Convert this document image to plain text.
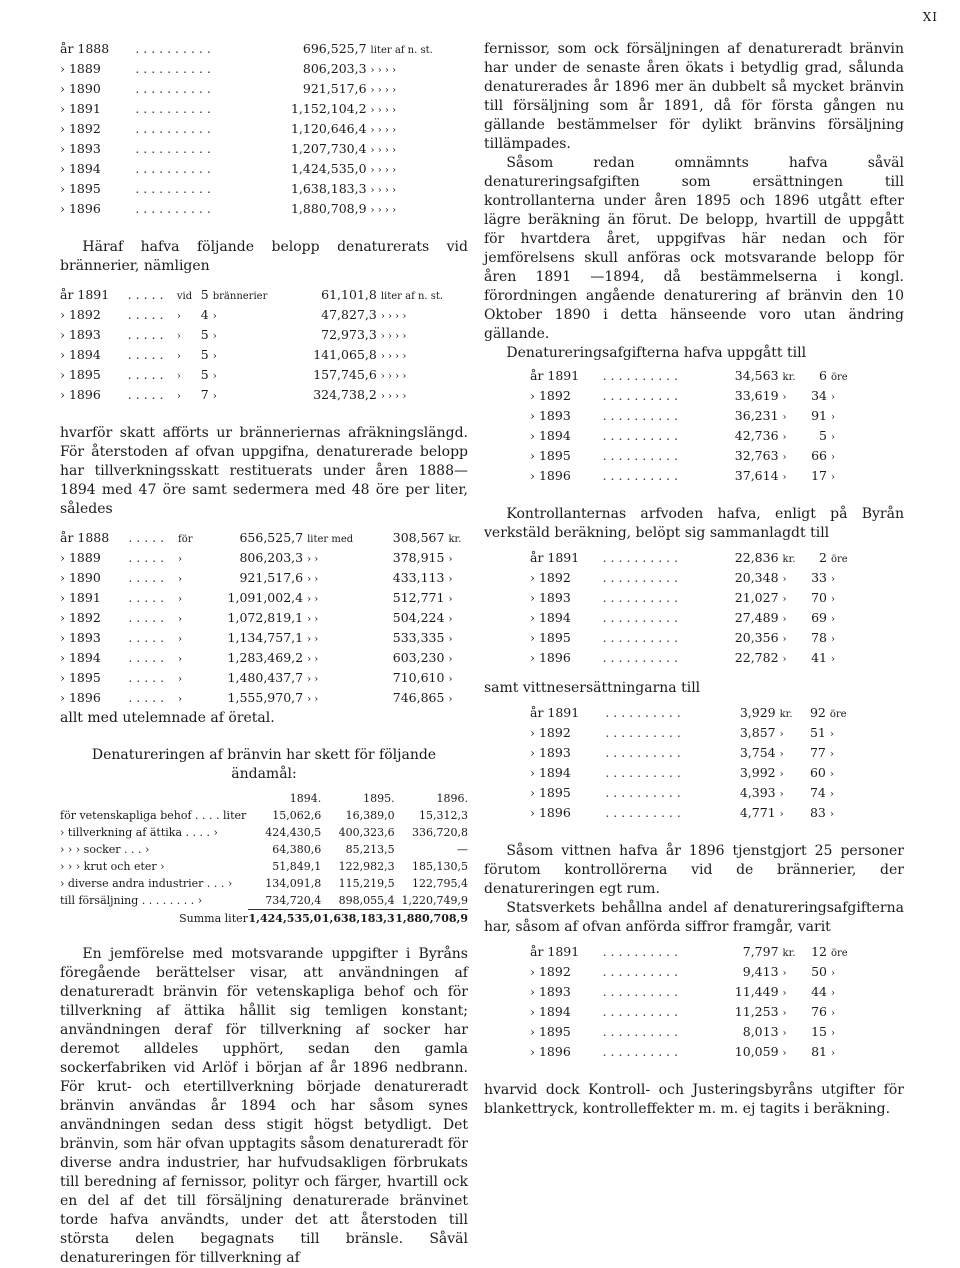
XI
år 1888	. . . . . . . . . .	696,525,7	liter af n. st.
› 1889	. . . . . . . . . .	806,203,3	› › › ›
› 1890	. . . . . . . . . .	921,517,6	› › › ›
› 1891	. . . . . . . . . .	1,152,104,2	› › › ›
› 1892	. . . . . . . . . .	1,120,646,4	› › › ›
› 1893	. . . . . . . . . .	1,207,730,4	› › › ›
› 1894	. . . . . . . . . .	1,424,535,0	› › › ›
› 1895	. . . . . . . . . .	1,638,183,3	› › › ›
› 1896	. . . . . . . . . .	1,880,708,9	› › › ›

Häraf hafva följande belopp denaturerats vid brännerier, nämligen

år 1891	. . . . .	vid	5	brännerier	61,101,8	liter af n. st.
› 1892	. . . . .	›	4	›	47,827,3	› › › ›
› 1893	. . . . .	›	5	›	72,973,3	› › › ›
› 1894	. . . . .	›	5	›	141,065,8	› › › ›
› 1895	. . . . .	›	5	›	157,745,6	› › › ›
› 1896	. . . . .	›	7	›	324,738,2	› › › ›

hvarför skatt afförts ur bränneriernas afräkningslängd. För återstoden af ofvan uppgifna, denaturerade belopp har tillverkningsskatt restituerats under åren 1888—1894 med 47 öre samt sedermera med 48 öre per liter, således

år 1888	. . . . .	för	656,525,7	liter med	308,567	kr.
› 1889	. . . . .	›	806,203,3	› ›	378,915	›
› 1890	. . . . .	›	921,517,6	› ›	433,113	›
› 1891	. . . . .	›	1,091,002,4	› ›	512,771	›
› 1892	. . . . .	›	1,072,819,1	› ›	504,224	›
› 1893	. . . . .	›	1,134,757,1	› ›	533,335	›
› 1894	. . . . .	›	1,283,469,2	› ›	603,230	›
› 1895	. . . . .	›	1,480,437,7	› ›	710,610	›
› 1896	. . . . .	›	1,555,970,7	› ›	746,865	›

allt med utelemnade af öretal.

Denatureringen af bränvin har skett för följande ändamål:

	1894.	1895.	1896.
för vetenskapliga behof . . . . liter	15,062,6	16,389,0	15,312,3
› tillverkning af ättika . . . . ›	424,430,5	400,323,6	336,720,8
› › › socker . . . ›	64,380,6	85,213,5	—
› › › krut och eter ›	51,849,1	122,982,3	185,130,5
› diverse andra industrier . . . ›	134,091,8	115,219,5	122,795,4
till försäljning . . . . . . . . ›	734,720,4	898,055,4	1,220,749,9
Summa liter	1,424,535,0	1,638,183,3	1,880,708,9

En jemförelse med motsvarande uppgifter i Byråns föregående berättelser visar, att användningen af denatureradt bränvin för vetenskapliga behof och för tillverkning af ättika hållit sig temligen konstant; användningen deraf för tillverkning af socker har deremot alldeles upphört, sedan den gamla sockerfabriken vid Arlöf i början af år 1896 nedbrann. För krut- och etertillverkning började denatureradt bränvin användas år 1894 och har såsom synes användningen sedan dess stigit högst betydligt. Det bränvin, som här ofvan upptagits såsom denatureradt för diverse andra industrier, har hufvudsakligen förbrukats till beredning af fernissor, polityr och färger, hvartill ock en del af det till försäljning denaturerade bränvinet torde hafva användts, under det att återstoden till största delen begagnats till bränsle. Såväl denatureringen för tillverkning af

fernissor, som ock försäljningen af denatureradt bränvin har under de senaste åren ökats i betydlig grad, sålunda denaturerades år 1896 mer än dubbelt så mycket bränvin till försäljning som år 1891, då för första gången nu gällande bestämmelser för dylikt bränvins försäljning tillämpades.

Såsom redan omnämnts hafva såväl denatureringsafgiften som ersättningen till kontrollanterna under åren 1895 och 1896 utgått efter lägre beräkning än förut. De belopp, hvartill de uppgått för hvartdera året, uppgifvas här nedan och för jemförelsens skull anföras ock motsvarande belopp för åren 1891 —1894, då bestämmelserna i kongl. förordningen angående denaturering af bränvin den 10 Oktober 1890 i detta hänseende voro utan ändring gällande.

Denatureringsafgifterna hafva uppgått till

år 1891	. . . . . . . . . .	34,563	kr.	6	öre
› 1892	. . . . . . . . . .	33,619	›	34	›
› 1893	. . . . . . . . . .	36,231	›	91	›
› 1894	. . . . . . . . . .	42,736	›	5	›
› 1895	. . . . . . . . . .	32,763	›	66	›
› 1896	. . . . . . . . . .	37,614	›	17	›

Kontrollanternas arfvoden hafva, enligt på Byrån verkstäld beräkning, belöpt sig sammanlagdt till

år 1891	. . . . . . . . . .	22,836	kr.	2	öre
› 1892	. . . . . . . . . .	20,348	›	33	›
› 1893	. . . . . . . . . .	21,027	›	70	›
› 1894	. . . . . . . . . .	27,489	›	69	›
› 1895	. . . . . . . . . .	20,356	›	78	›
› 1896	. . . . . . . . . .	22,782	›	41	›

samt vittnesersättningarna till

år 1891	. . . . . . . . . .	3,929	kr.	92	öre
› 1892	. . . . . . . . . .	3,857	›	51	›
› 1893	. . . . . . . . . .	3,754	›	77	›
› 1894	. . . . . . . . . .	3,992	›	60	›
› 1895	. . . . . . . . . .	4,393	›	74	›
› 1896	. . . . . . . . . .	4,771	›	83	›

Såsom vittnen hafva år 1896 tjenstgjort 25 personer förutom kontrollörerna vid de brännerier, der denatureringen egt rum.

Statsverkets behållna andel af denatureringsafgifterna har, såsom af ofvan anförda siffror framgår, varit

år 1891	. . . . . . . . . .	7,797	kr.	12	öre
› 1892	. . . . . . . . . .	9,413	›	50	›
› 1893	. . . . . . . . . .	11,449	›	44	›
› 1894	. . . . . . . . . .	11,253	›	76	›
› 1895	. . . . . . . . . .	8,013	›	15	›
› 1896	. . . . . . . . . .	10,059	›	81	›

hvarvid dock Kontroll- och Justeringsbyråns utgifter för blankettryck, kontrolleffekter m. m. ej tagits i beräkning.
